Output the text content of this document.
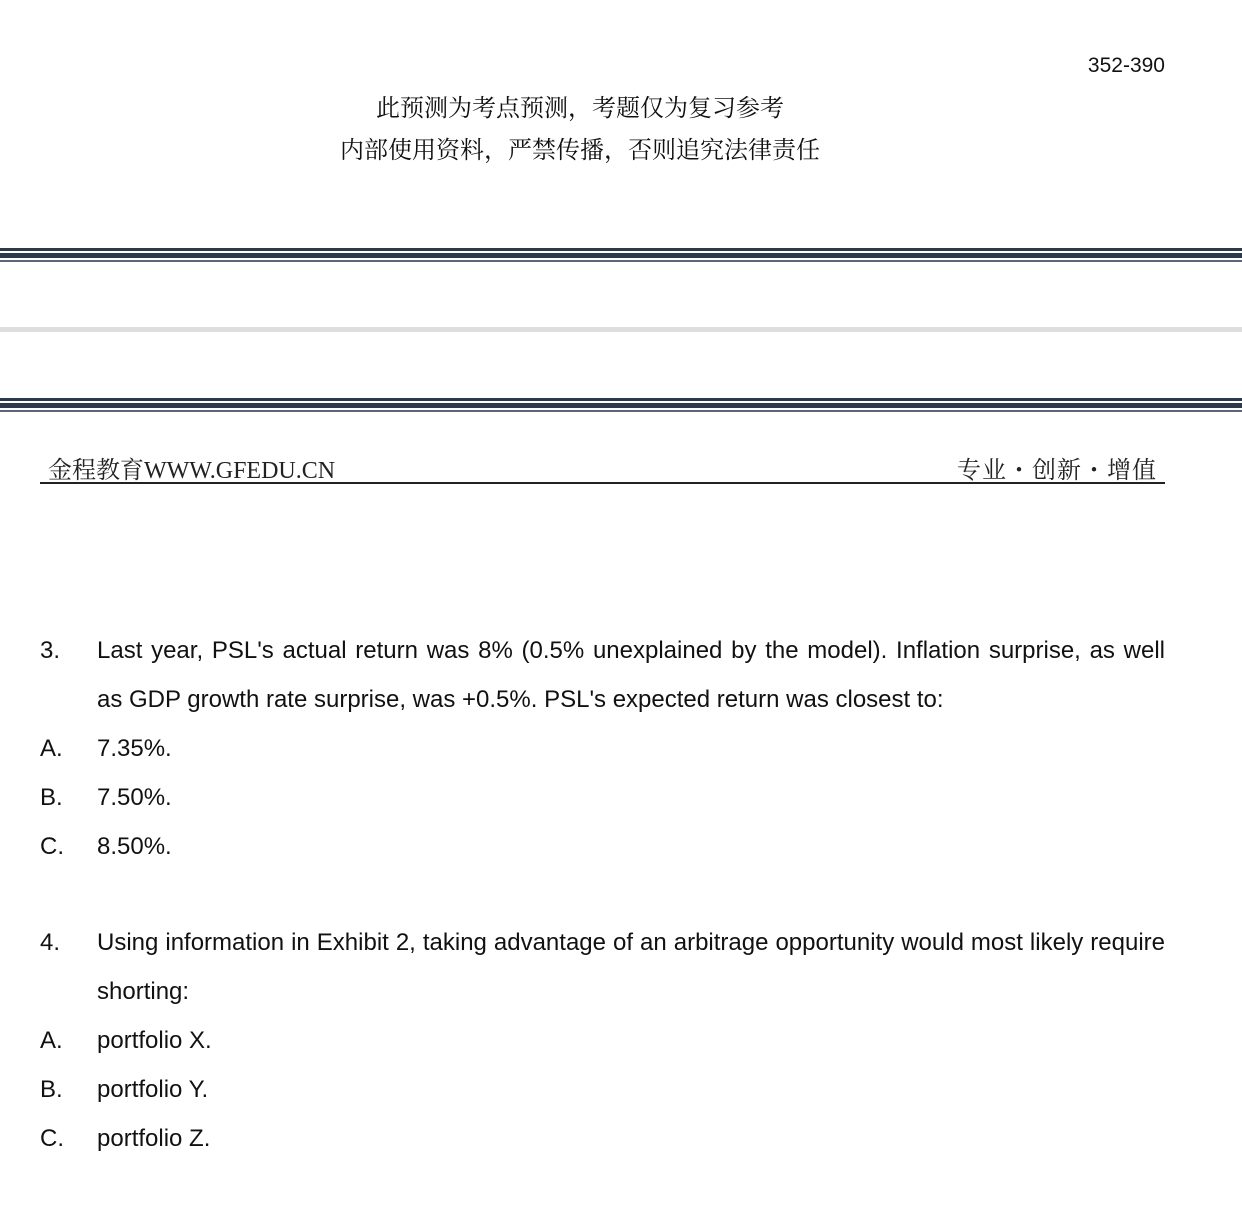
352-390
此预测为考点预测，考题仅为复习参考
内部使用资料，严禁传播，否则追究法律责任
金程教育WWW.GFEDU.CN	专业・创新・增值
3. Last year, PSL's actual return was 8% (0.5% unexplained by the model). Inflation surprise, as well as GDP growth rate surprise, was +0.5%. PSL's expected return was closest to:
A. 7.35%.
B. 7.50%.
C. 8.50%.
4. Using information in Exhibit 2, taking advantage of an arbitrage opportunity would most likely require shorting:
A. portfolio X.
B. portfolio Y.
C. portfolio Z.
